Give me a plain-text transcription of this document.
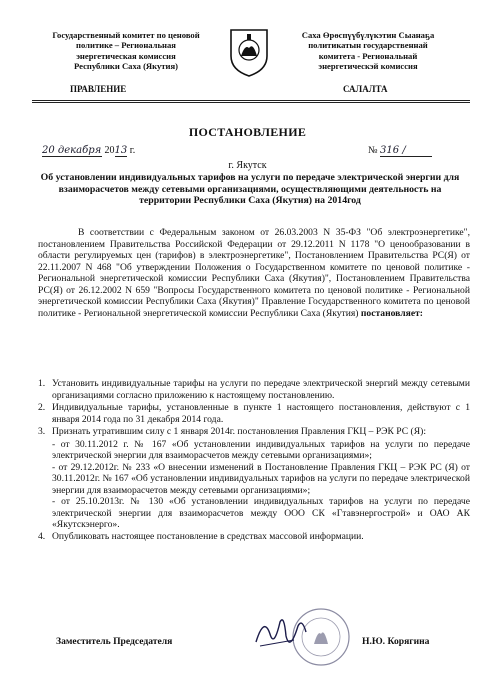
Государственный комитет по ценовой
политике – Региональная
энергетическая комиссия
Республики Саха (Якутия)
Саха Өрөспүүбүлүкэтин Сыанаҕа
политикатын государственнай
комитета - Региональнай
энергетическэй комиссия
ПРАВЛЕНИЕ	САЛАЛТА
ПОСТАНОВЛЕНИЕ
20 декабря 2013 г.	№ 316 /
г. Якутск
Об установлении индивидуальных тарифов на услуги по передаче электрической энергии для взаиморасчетов между сетевыми организациями, осуществляющими деятельность на территории Республики Саха (Якутия) на 2014год
В соответствии с Федеральным законом от 26.03.2003 N 35-ФЗ "Об электроэнергетике", постановлением Правительства Российской Федерации от 29.12.2011 N 1178 "О ценообразовании в области регулируемых цен (тарифов) в электроэнергетике", Постановлением Правительства РС(Я) от 22.11.2007 N 468 "Об утверждении Положения о Государственном комитете по ценовой политике - Региональной энергетической комиссии Республики Саха (Якутия)", Постановлением Правительства РС(Я) от 26.12.2002 N 659 "Вопросы Государственного комитета по ценовой политике - Региональной энергетической комиссии Республики Саха (Якутия)" Правление Государственного комитета по ценовой политике - Региональной энергетической комиссии Республики Саха (Якутия) постановляет:
1. Установить индивидуальные тарифы на услуги по передаче электрической энергий между сетевыми организациями согласно приложению к настоящему постановлению.
2. Индивидуальные тарифы, установленные в пункте 1 настоящего постановления, действуют с 1 января 2014 года по 31 декабря 2014 года.
3. Признать утратившим силу с 1 января 2014г. постановления Правления ГКЦ – РЭК РС (Я):
- от 30.11.2012 г. № 167 «Об установлении индивидуальных тарифов на услуги по передаче электрической энергии для взаиморасчетов между сетевыми организациями»;
- от 29.12.2012г. № 233 «О внесении изменений в Постановление Правления ГКЦ – РЭК РС (Я) от 30.11.2012г. № 167 «Об установлении индивидуальных тарифов на услуги по передаче электрической энергии для взаиморасчетов между сетевыми организациями»;
- от 25.10.2013г. № 130 «Об установлении индивидуальных тарифов на услуги по передаче электрической энергии для взаиморасчетов между ООО СК «Гтавэнергострой» и ОАО АК «Якутскэнерго».
4. Опубликовать настоящее постановление в средствах массовой информации.
Заместитель Председателя	Н.Ю. Корягина
